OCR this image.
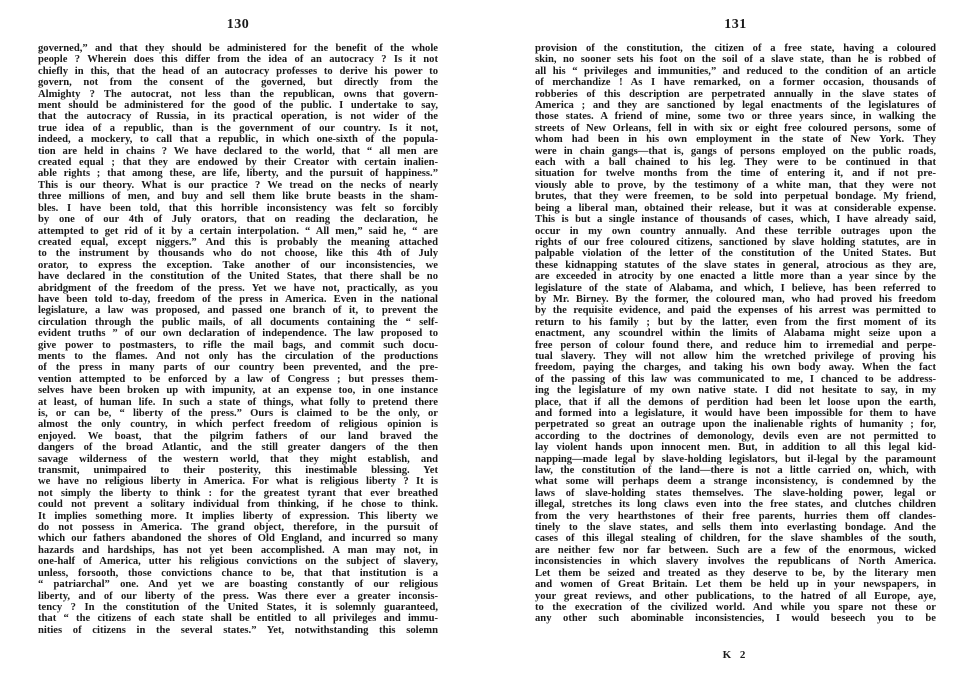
130
governed,” and that they should be administered for the benefit of the whole
people ? Wherein does this differ from the idea of an autocracy ? Is it not
chiefly in this, that the head of an autocracy professes to derive his power to
govern, not from the consent of the governed, but directly from the
Almighty ? The autocrat, not less than the republican, owns that govern-
ment should be administered for the good of the public. I undertake to say,
that the autocracy of Russia, in its practical operation, is not wider of the
true idea of a republic, than is the government of our country. Is it not,
indeed, a mockery, to call that a republic, in which one-sixth of the popula-
tion are held in chains ? We have declared to the world, that “ all men are
created equal ; that they are endowed by their Creator with certain inalien-
able rights ; that among these, are life, liberty, and the pursuit of happiness.”
This is our theory. What is our practice ? We tread on the necks of nearly
three millions of men, and buy and sell them like brute beasts in the sham-
bles. I have been told, that this horrible inconsistency was felt so forcibly
by one of our 4th of July orators, that on reading the declaration, he
attempted to get rid of it by a certain interpolation. “ All men,” said he, “ are
created equal, except niggers.” And this is probably the meaning attached
to the instrument by thousands who do not choose, like this 4th of July
orator, to express the exception. Take another of our inconsistencies, we
have declared in the constitution of the United States, that there shall be no
abridgment of the freedom of the press. Yet we have not, practically, as you
have been told to-day, freedom of the press in America. Even in the national
legislature, a law was proposed, and passed one branch of it, to prevent the
circulation through the public mails, of all documents containing the “ self-
evident truths ” of our own declaration of independence. The law proposed to
give power to postmasters, to rifle the mail bags, and commit such docu-
ments to the flames. And not only has the circulation of the productions
of the press in many parts of our country been prevented, and the pre-
vention attempted to be enforced by a law of Congress ; but presses them-
selves have been broken up with impunity, at an expense too, in one instance
at least, of human life. In such a state of things, what folly to pretend there
is, or can be, “ liberty of the press.” Ours is claimed to be the only, or
almost the only country, in which perfect freedom of religious opinion is
enjoyed. We boast, that the pilgrim fathers of our land braved the
dangers of the broad Atlantic, and the still greater dangers of the then
savage wilderness of the western world, that they might establish, and
transmit, unimpaired to their posterity, this inestimable blessing. Yet
we have no religious liberty in America. For what is religious liberty ? It is
not simply the liberty to think : for the greatest tyrant that ever breathed
could not prevent a solitary individual from thinking, if he chose to think.
It implies something more. It implies liberty of expression. This liberty we
do not possess in America. The grand object, therefore, in the pursuit of
which our fathers abandoned the shores of Old England, and incurred so many
hazards and hardships, has not yet been accomplished. A man may not, in
one-half of America, utter his religious convictions on the subject of slavery,
unless, forsooth, those convictions chance to be, that that institution is a
“ patriarchal” one. And yet we are boasting constantly of our religious
liberty, and of our liberty of the press. Was there ever a greater inconsis-
tency ? In the constitution of the United States, it is solemnly guaranteed,
that “ the citizens of each state shall be entitled to all privileges and immu-
nities of citizens in the several states.” Yet, notwithstanding this solemn
131
provision of the constitution, the citizen of a free state, having a coloured
skin, no sooner sets his foot on the soil of a slave state, than he is robbed of
all his “ privileges and immunities,” and reduced to the condition of an article
of merchandize ! As I have remarked, on a former occasion, thousands of
robberies of this description are perpetrated annually in the slave states of
America ; and they are sanctioned by legal enactments of the legislatures of
those states. A friend of mine, some two or three years since, in walking the
streets of New Orleans, fell in with six or eight free coloured persons, some of
whom had been in his own employment in the state of New York. They
were in chain gangs—that is, gangs of persons employed on the public roads,
each with a ball chained to his leg. They were to be continued in that
situation for twelve months from the time of entering it, and if not pre-
viously able to prove, by the testimony of a white man, that they were not
brutes, that they were freemen, to be sold into perpetual bondage. My friend,
being a liberal man, obtained their release, but it was at considerable expense.
This is but a single instance of thousands of cases, which, I have already said,
occur in my own country annually. And these terrible outrages upon the
rights of our free coloured citizens, sanctioned by slave holding statutes, are in
palpable violation of the letter of the constitution of the United States. But
these kidnapping statutes of the slave states in general, atrocious as they are,
are exceeded in atrocity by one enacted a little more than a year since by the
legislature of the state of Alabama, and which, I believe, has been referred to
by Mr. Birney. By the former, the coloured man, who had proved his freedom
by the requisite evidence, and paid the expenses of his arrest was permitted to
return to his family ; but by the latter, even from the first moment of its
enactment, any scoundrel within the limits of Alabama might seize upon a
free person of colour found there, and reduce him to irremedial and perpe-
tual slavery. They will not allow him the wretched privilege of proving his
freedom, paying the charges, and taking his own body away. When the fact
of the passing of this law was communicated to me, I chanced to be address-
ing the legislature of my own native state. I did not hesitate to say, in my
place, that if all the demons of perdition had been let loose upon the earth,
and formed into a legislature, it would have been impossible for them to have
perpetrated so great an outrage upon the inalienable rights of humanity ; for,
according to the doctrines of demonology, devils even are not permitted to
lay violent hands upon innocent men. But, in addition to all this legal kid-
napping—made legal by slave-holding legislators, but il-legal by the paramount
law, the constitution of the land—there is not a little carried on, which, with
what some will perhaps deem a strange inconsistency, is condemned by the
laws of slave-holding states themselves. The slave-holding power, legal or
illegal, stretches its long claws even into the free states, and clutches children
from the very hearthstones of their free parents, hurries them off clandes-
tinely to the slave states, and sells them into everlasting bondage. And the
cases of this illegal stealing of children, for the slave shambles of the south,
are neither few nor far between. Such are a few of the enormous, wicked
inconsistencies in which slavery involves the republicans of North America.
Let them be seized and treated as they deserve to be, by the literary men
and women of Great Britain. Let them be held up in your newspapers, in
your great reviews, and other publications, to the hatred of all Europe, aye,
to the execration of the civilized world. And while you spare not these or
any other such abominable inconsistencies, I would beseech you to be
K 2
